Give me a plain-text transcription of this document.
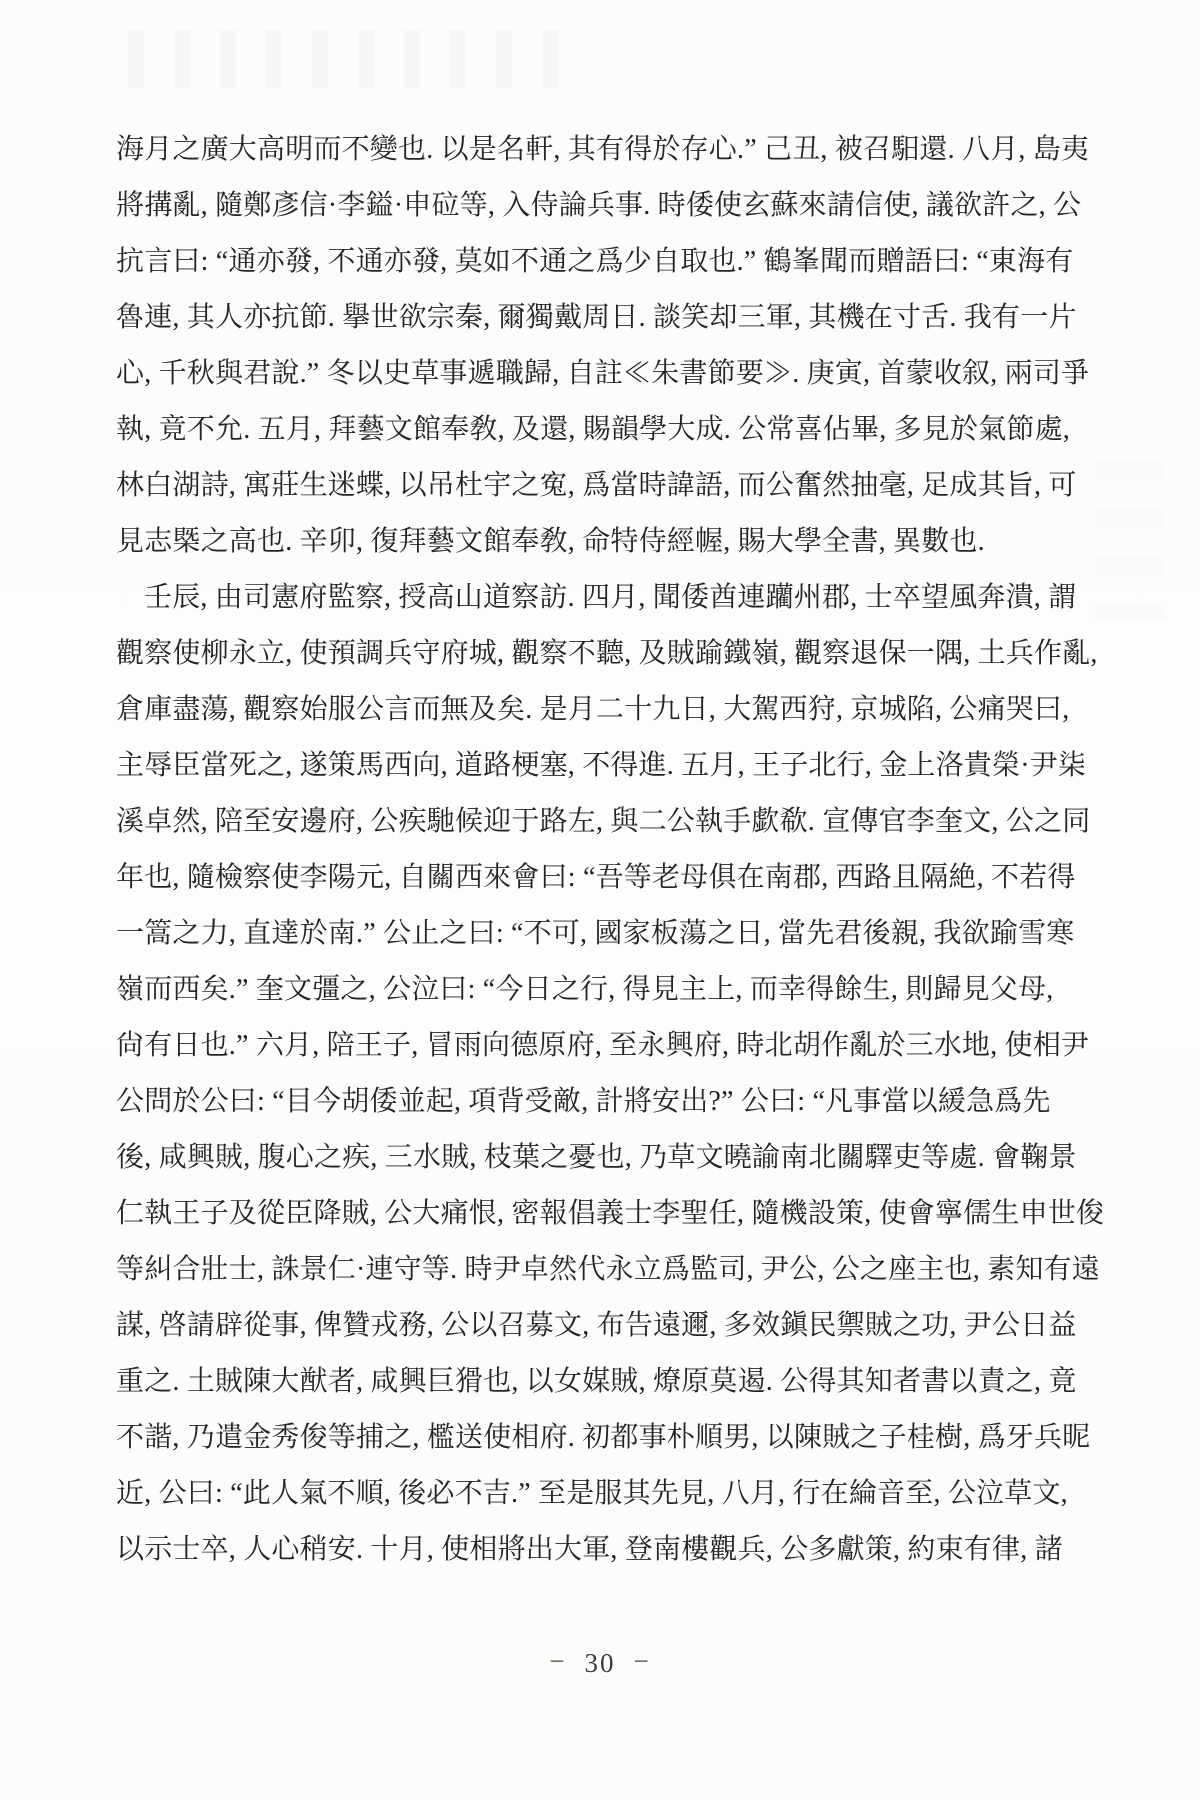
海月之廣大高明而不變也. 以是名軒, 其有得於存心.” 己丑, 被召馹還. 八月, 島夷
將搆亂, 隨鄭彥信·李鎰·申砬等, 入侍論兵事. 時倭使玄蘇來請信使, 議欲許之, 公
抗言曰: “通亦發, 不通亦發, 莫如不通之爲少自取也.” 鶴峯聞而贈語曰: “東海有
魯連, 其人亦抗節. 擧世欲宗秦, 爾獨戴周日. 談笑却三軍, 其機在寸舌. 我有一片
心, 千秋與君說.” 冬以史草事遞職歸, 自註≪朱書節要≫. 庚寅, 首蒙收叙, 兩司爭
執, 竟不允. 五月, 拜藝文館奉敎, 及還, 賜韻學大成. 公常喜佔畢, 多見於氣節處,
林白湖詩, 寓莊生迷蝶, 以吊杜宇之寃, 爲當時諱語, 而公奮然抽毫, 足成其旨, 可
見志槩之高也. 辛卯, 復拜藝文館奉敎, 命特侍經幄, 賜大學全書, 異數也.
壬辰, 由司憲府監察, 授高山道察訪. 四月, 聞倭酋連躪州郡, 士卒望風奔潰, 謂
觀察使柳永立, 使預調兵守府城, 觀察不聽, 及賊踰鐵嶺, 觀察退保一隅, 土兵作亂,
倉庫盡蕩, 觀察始服公言而無及矣. 是月二十九日, 大駕西狩, 京城陷, 公痛哭曰,
主辱臣當死之, 遂策馬西向, 道路梗塞, 不得進. 五月, 王子北行, 金上洛貴榮·尹柒
溪卓然, 陪至安邊府, 公疾馳候迎于路左, 與二公執手歔欷. 宣傳官李奎文, 公之同
年也, 隨檢察使李陽元, 自關西來會曰: “吾等老母俱在南郡, 西路且隔絶, 不若得
一篙之力, 直達於南.” 公止之曰: “不可, 國家板蕩之日, 當先君後親, 我欲踰雪寒
嶺而西矣.” 奎文彊之, 公泣曰: “今日之行, 得見主上, 而幸得餘生, 則歸見父母,
尙有日也.” 六月, 陪王子, 冒雨向德原府, 至永興府, 時北胡作亂於三水地, 使相尹
公問於公曰: “目今胡倭並起, 項背受敵, 計將安出?” 公曰: “凡事當以緩急爲先
後, 咸興賊, 腹心之疾, 三水賊, 枝葉之憂也, 乃草文曉諭南北關驛吏等處. 會鞠景
仁執王子及從臣降賊, 公大痛恨, 密報倡義士李聖任, 隨機設策, 使會寧儒生申世俊
等糾合壯士, 誅景仁·連守等. 時尹卓然代永立爲監司, 尹公, 公之座主也, 素知有遠
謀, 啓請辟從事, 俾贊戎務, 公以召募文, 布告遠邇, 多效鎭民禦賊之功, 尹公日益
重之. 土賊陳大猷者, 咸興巨猾也, 以女媒賊, 燎原莫遏. 公得其知者書以責之, 竟
不諧, 乃遣金秀俊等捕之, 檻送使相府. 初都事朴順男, 以陳賊之子桂樹, 爲牙兵昵
近, 公曰: “此人氣不順, 後必不吉.” 至是服其先見, 八月, 行在綸音至, 公泣草文,
以示士卒, 人心稍安. 十月, 使相將出大軍, 登南樓觀兵, 公多獻策, 約束有律, 諸
− 30 −
